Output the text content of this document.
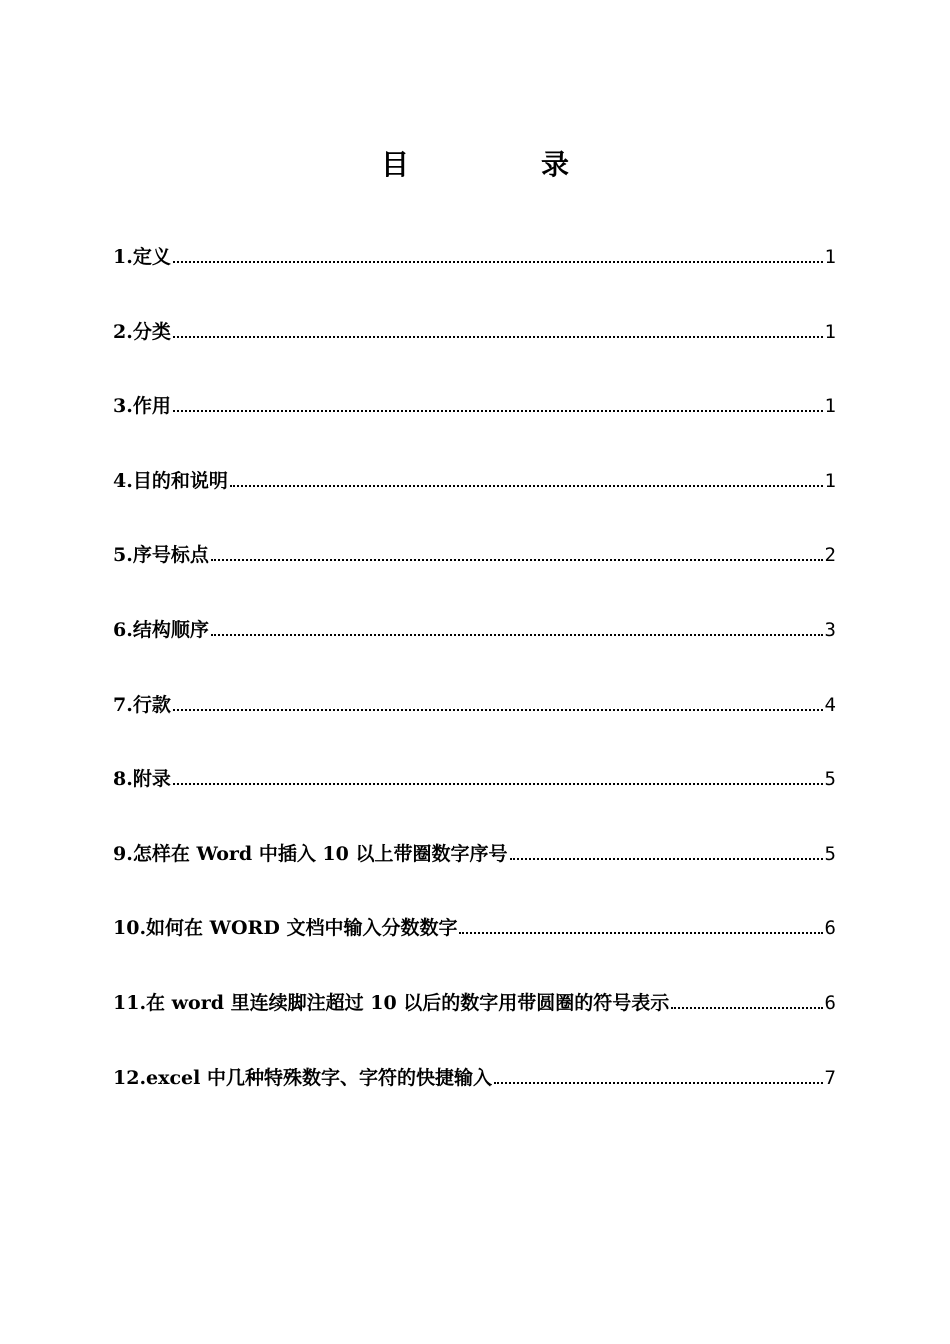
目　录
1.定义	1
2.分类	1
3.作用	1
4.目的和说明	1
5.序号标点	2
6.结构顺序	3
7.行款	4
8.附录	5
9.怎样在 Word 中插入 10 以上带圈数字序号	5
10.如何在 WORD 文档中输入分数数字	6
11.在 word 里连续脚注超过 10 以后的数字用带圆圈的符号表示	6
12.excel 中几种特殊数字、字符的快捷输入	7
